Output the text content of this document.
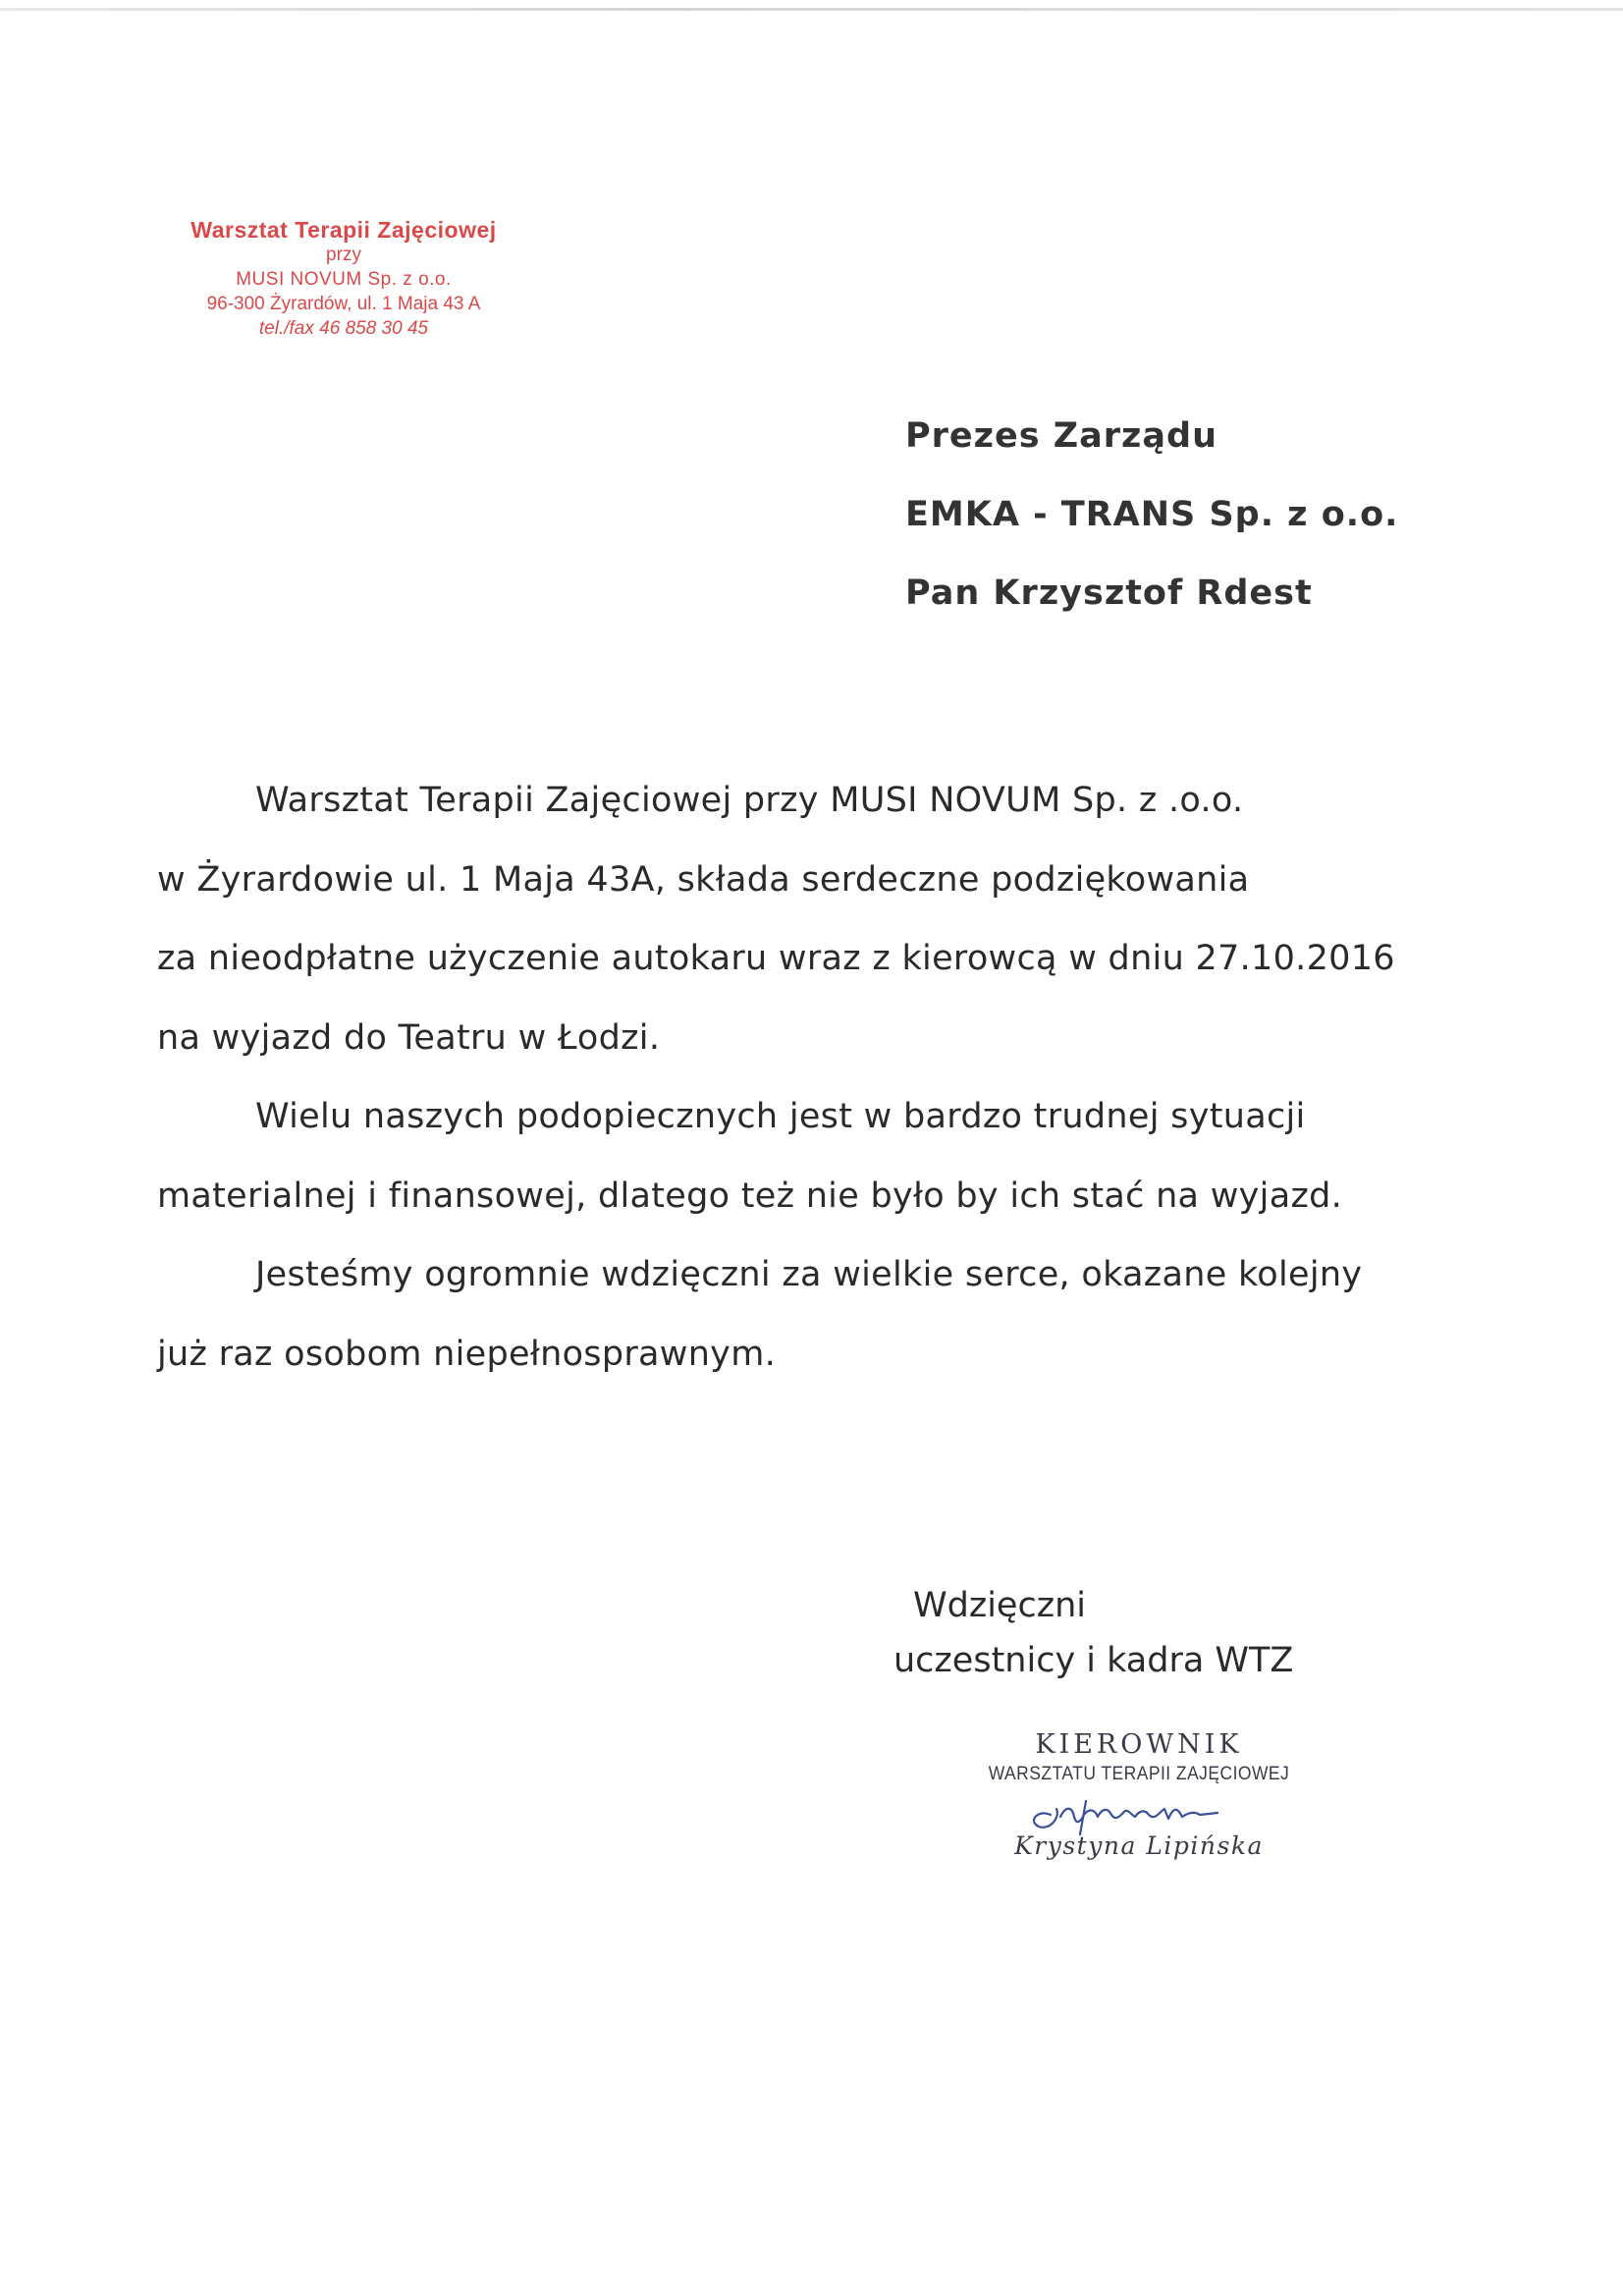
Warsztat Terapii Zajęciowej
przy
MUSI NOVUM Sp. z o.o.
96-300 Żyrardów, ul. 1 Maja 43 A
tel./fax 46 858 30 45
Prezes Zarządu
EMKA - TRANS Sp. z o.o.
Pan Krzysztof Rdest
Warsztat Terapii Zajęciowej przy MUSI NOVUM Sp. z .o.o.
w Żyrardowie ul. 1 Maja 43A, składa serdeczne podziękowania
za nieodpłatne użyczenie autokaru wraz z kierowcą w dniu 27.10.2016
na wyjazd do Teatru w Łodzi.
Wielu naszych podopiecznych jest w bardzo trudnej sytuacji
materialnej i finansowej, dlatego też nie było by ich stać na wyjazd.
Jesteśmy ogromnie wdzięczni za wielkie serce, okazane kolejny
już raz osobom niepełnosprawnym.
Wdzięczni
uczestnicy i kadra WTZ
KIEROWNIK
WARSZTATU TERAPII ZAJĘCIOWEJ
Krystyna Lipińska
